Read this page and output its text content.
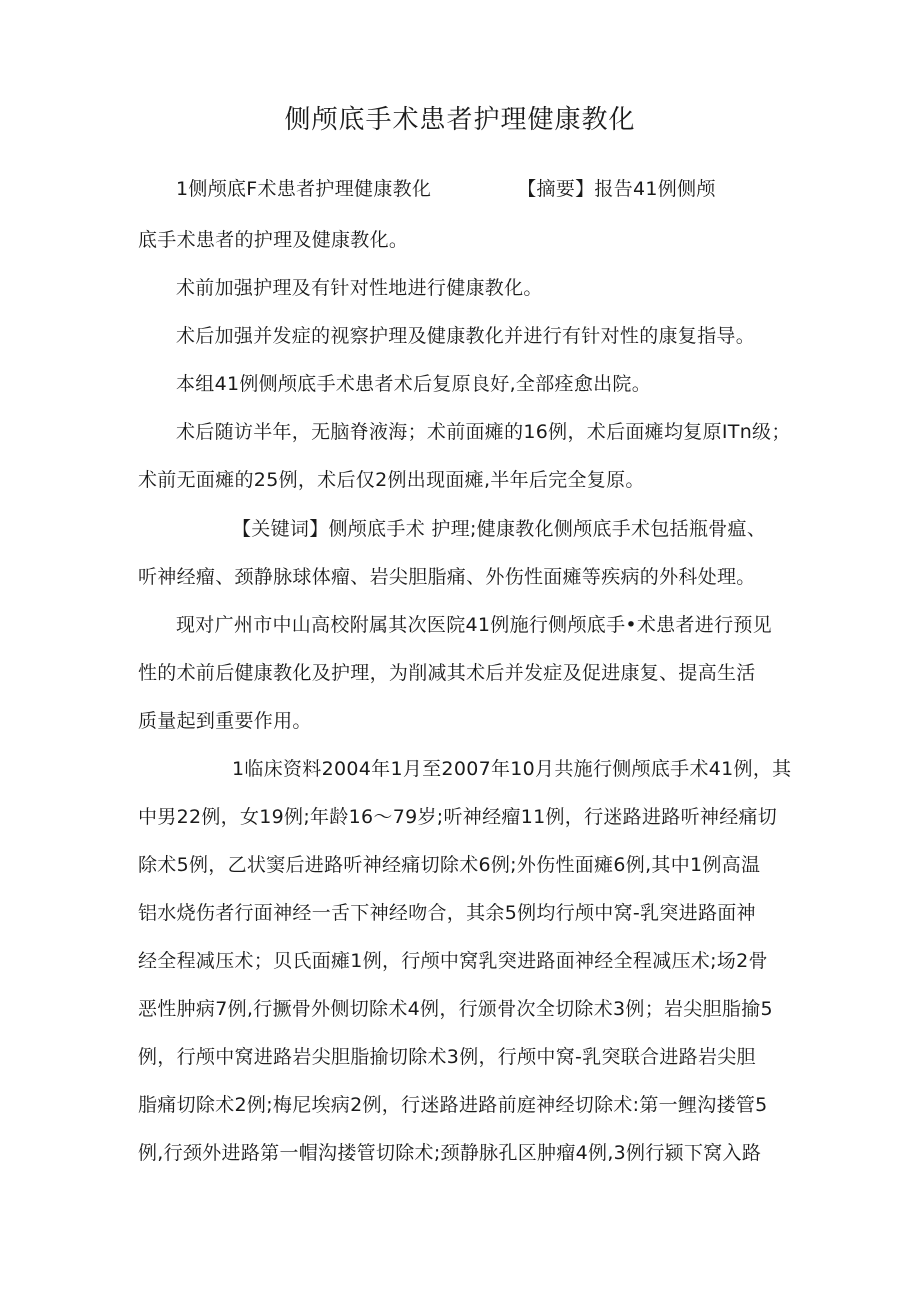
侧颅底手术患者护理健康教化
1侧颅底F术患者护理健康教化	【摘要】报告41例侧颅
底手术患者的护理及健康教化。
术前加强护理及有针对性地进行健康教化。
术后加强并发症的视察护理及健康教化并进行有针对性的康复指导。
本组41例侧颅底手术患者术后复原良好,全部痊愈出院。
术后随访半年，无脑脊液海；术前面瘫的16例，术后面瘫均复原ITn级；
术前无面瘫的25例，术后仅2例出现面瘫,半年后完全复原。
【关键词】侧颅底手术 护理;健康教化侧颅底手术包括瓶骨瘟、
听神经瘤、颈静脉球体瘤、岩尖胆脂痛、外伤性面瘫等疾病的外科处理。
现对广州市中山高校附属其次医院41例施行侧颅底手•术患者进行预见
性的术前后健康教化及护理，为削减其术后并发症及促进康复、提高生活
质量起到重要作用。
1临床资料2004年1月至2007年10月共施行侧颅底手术41例，其
中男22例，女19例;年龄16〜79岁;听神经瘤11例，行迷路进路听神经痛切
除术5例，乙状窦后进路听神经痛切除术6例;外伤性面瘫6例,其中1例高温
铝水烧伤者行面神经一舌下神经吻合，其余5例均行颅中窝-乳突进路面神
经全程减压术；贝氏面瘫1例，行颅中窝乳突进路面神经全程减压术;场2骨
恶性肿病7例,行撅骨外侧切除术4例，行颁骨次全切除术3例；岩尖胆脂揄5
例，行颅中窝进路岩尖胆脂揄切除术3例，行颅中窝-乳突联合进路岩尖胆
脂痛切除术2例;梅尼埃病2例，行迷路进路前庭神经切除术:第一鲤沟搂管5
例,行颈外进路第一帽沟搂管切除术;颈静脉孔区肿瘤4例,3例行颍下窝入路
